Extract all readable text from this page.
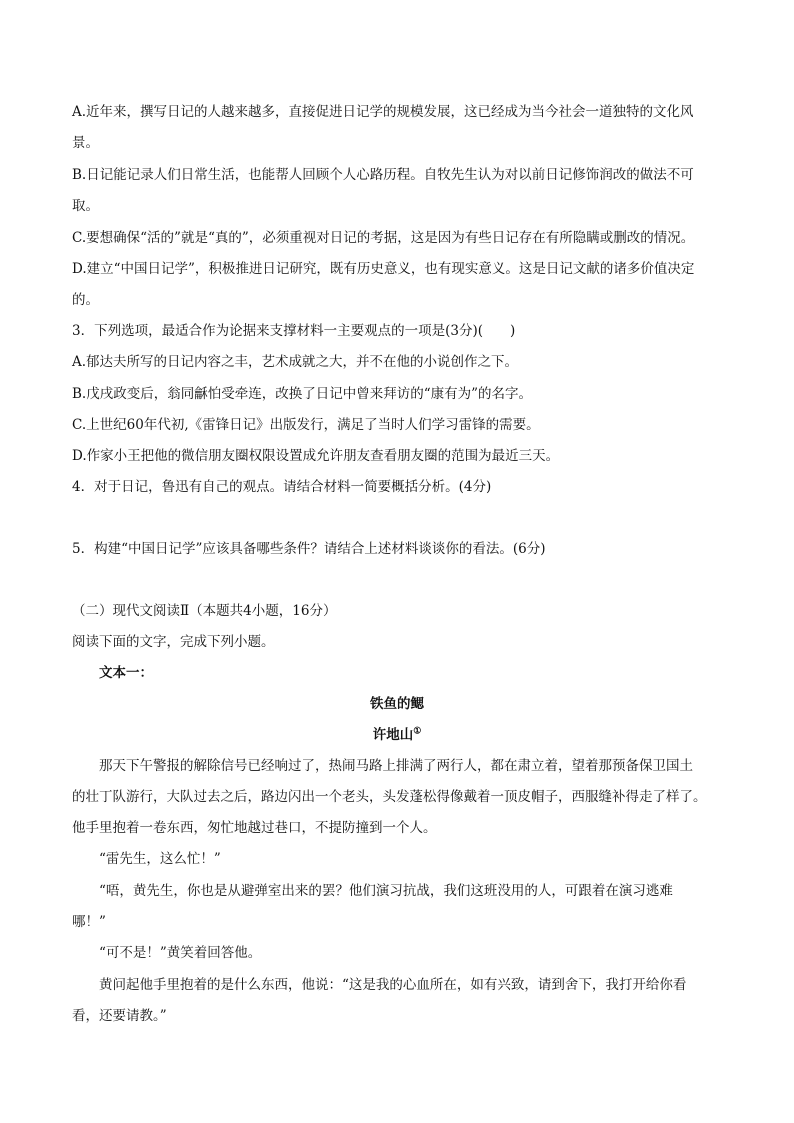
A.近年来，撰写日记的人越来越多，直接促进日记学的规模发展，这已经成为当今社会一道独特的文化风

景。

B.日记能记录人们日常生活，也能帮人回顾个人心路历程。自牧先生认为对以前日记修饰润改的做法不可

取。

C.要想确保“活的”就是“真的”，必须重视对日记的考据，这是因为有些日记存在有所隐瞒或删改的情况。

D.建立“中国日记学”，积极推进日记研究，既有历史意义，也有现实意义。这是日记文献的诸多价值决定

的。

3．下列选项，最适合作为论据来支撑材料一主要观点的一项是(3分)(　　)

A.郁达夫所写的日记内容之丰，艺术成就之大，并不在他的小说创作之下。

B.戊戌政变后，翁同龢怕受牵连，改换了日记中曾来拜访的“康有为”的名字。

C.上世纪60年代初,《雷锋日记》出版发行，满足了当时人们学习雷锋的需要。

D.作家小王把他的微信朋友圈权限设置成允许朋友查看朋友圈的范围为最近三天。

4．对于日记，鲁迅有自己的观点。请结合材料一简要概括分析。(4分)

5．构建“中国日记学”应该具备哪些条件？请结合上述材料谈谈你的看法。(6分)

（二）现代文阅读Ⅱ（本题共4小题，16分）

阅读下面的文字，完成下列小题。

文本一：

铁鱼的鳃

许地山①

那天下午警报的解除信号已经响过了，热闹马路上排满了两行人，都在肃立着，望着那预备保卫国土

的壮丁队游行，大队过去之后，路边闪出一个老头，头发蓬松得像戴着一顶皮帽子，西服缝补得走了样了。

他手里抱着一卷东西，匆忙地越过巷口，不提防撞到一个人。

“雷先生，这么忙！”

“唔，黄先生，你也是从避弹室出来的罢？他们演习抗战，我们这班没用的人，可跟着在演习逃难

哪！”

“可不是！”黄笑着回答他。

黄问起他手里抱着的是什么东西，他说：“这是我的心血所在，如有兴致，请到舍下，我打开给你看

看，还要请教。”
